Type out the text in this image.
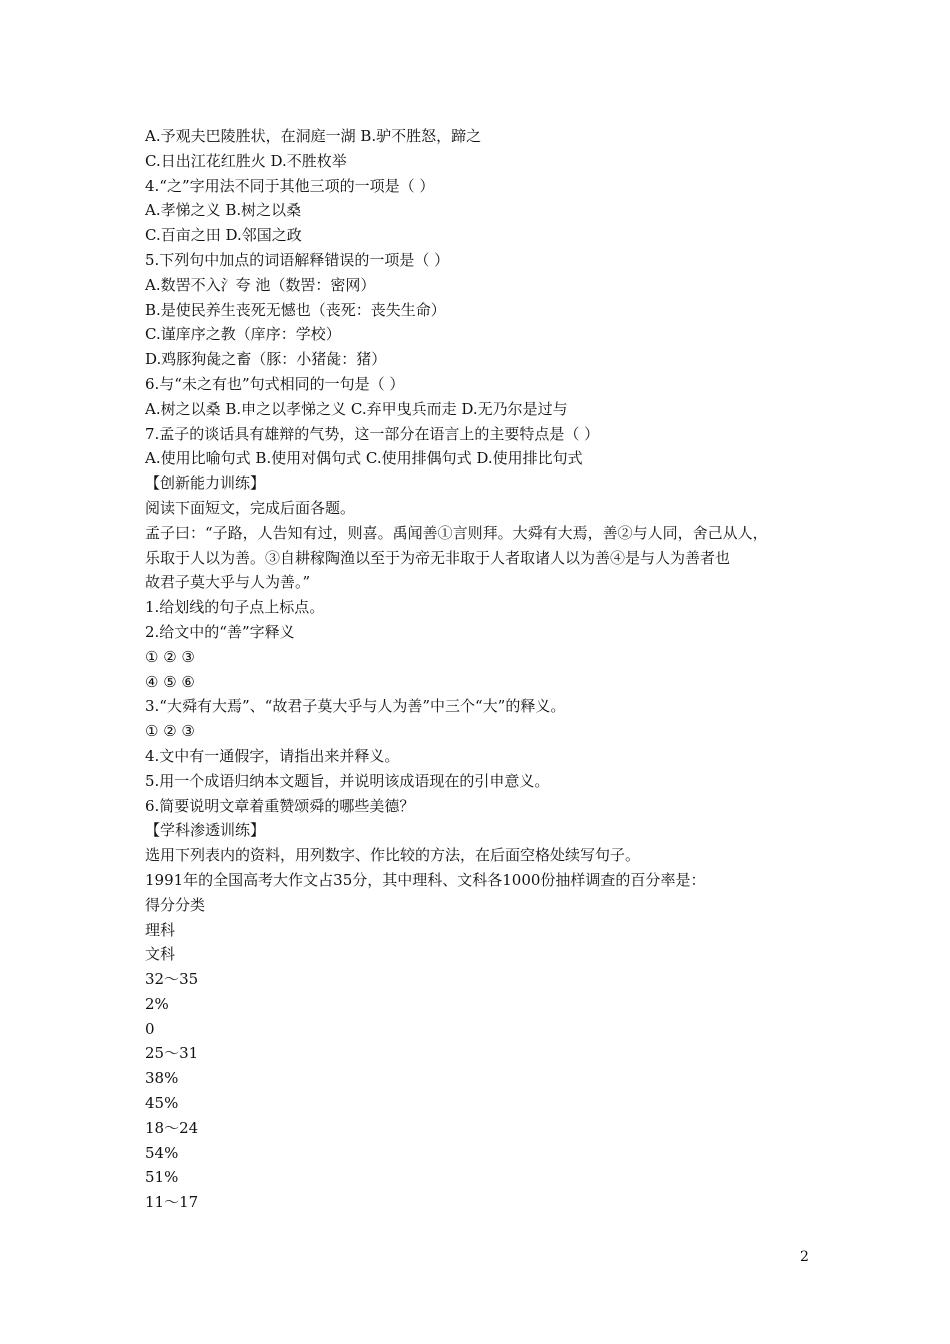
A.予观夫巴陵胜状，在洞庭一湖 B.驴不胜怒，蹄之
C.日出江花红胜火 D.不胜枚举
4.“之”字用法不同于其他三项的一项是（ ）
A.孝悌之义 B.树之以桑
C.百亩之田 D.邻国之政
5.下列句中加点的词语解释错误的一项是（ ）
A.数罟不入氵夸 池（数罟：密网）
B.是使民养生丧死无憾也（丧死：丧失生命）
C.谨庠序之教（庠序：学校）
D.鸡豚狗彘之畜（豚：小猪彘：猪）
6.与“未之有也”句式相同的一句是（ ）
A.树之以桑 B.申之以孝悌之义 C.弃甲曳兵而走 D.无乃尔是过与
7.孟子的谈话具有雄辩的气势，这一部分在语言上的主要特点是（ ）
A.使用比喻句式 B.使用对偶句式 C.使用排偶句式 D.使用排比句式
【创新能力训练】
阅读下面短文，完成后面各题。
孟子曰：“子路，人告知有过，则喜。禹闻善①言则拜。大舜有大焉，善②与人同，舍己从人，
乐取于人以为善。③自耕稼陶渔以至于为帝无非取于人者取诸人以为善④是与人为善者也
故君子莫大乎与人为善。”
1.给划线的句子点上标点。
2.给文中的“善”字释义
① ② ③
④ ⑤ ⑥
3.“大舜有大焉”、“故君子莫大乎与人为善”中三个“大”的释义。
① ② ③
4.文中有一通假字，请指出来并释义。
5.用一个成语归纳本文题旨，并说明该成语现在的引申意义。
6.简要说明文章着重赞颂舜的哪些美德？
【学科渗透训练】
选用下列表内的资料，用列数字、作比较的方法，在后面空格处续写句子。
1991年的全国高考大作文占35分，其中理科、文科各1000份抽样调查的百分率是：
得分分类
理科
文科
32～35
2%
0
25～31
38%
45%
18～24
54%
51%
11～17
2
